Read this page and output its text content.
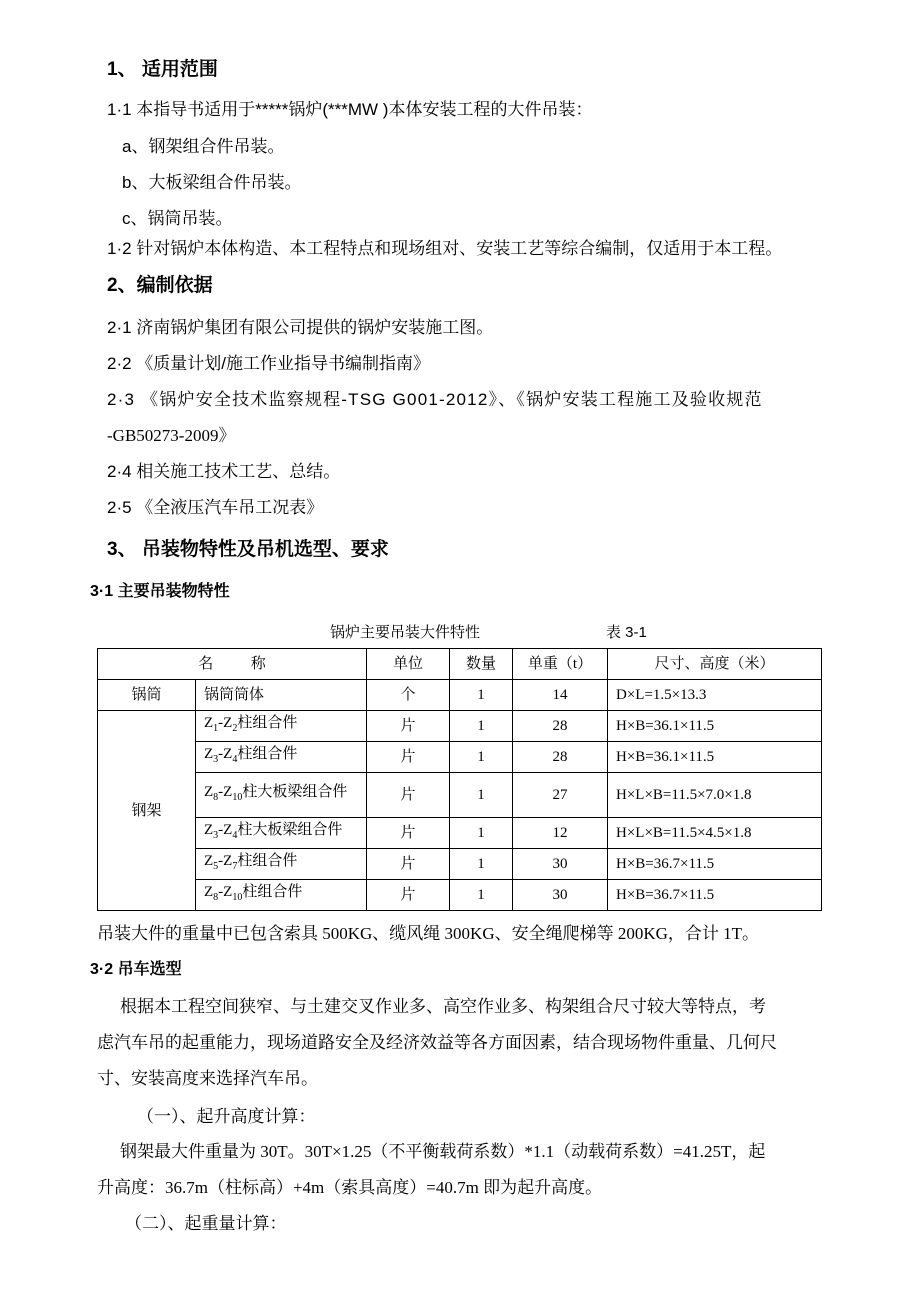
1、 适用范围
1·1 本指导书适用于*****锅炉(***MW )本体安装工程的大件吊装：
a、钢架组合件吊装。
b、大板梁组合件吊装。
c、锅筒吊装。
1·2 针对锅炉本体构造、本工程特点和现场组对、安装工艺等综合编制，仅适用于本工程。
2、编制依据
2·1 济南锅炉集团有限公司提供的锅炉安装施工图。
2·2 《质量计划/施工作业指导书编制指南》
2·3 《锅炉安全技术监察规程-TSG G001-2012》、《锅炉安装工程施工及验收规范
-GB50273-2009》
2·4 相关施工技术工艺、总结。
2·5 《全液压汽车吊工况表》
3、 吊装物特性及吊机选型、要求
3·1 主要吊装物特性
锅炉主要吊装大件特性	表 3-1
名          称		单位	数量	单重（t）	尺寸、高度（米）
锅筒	锅筒筒体	个	1	14	D×L=1.5×13.3
钢架	$Z_1-Z_2$柱组合件	片	1	28	H×B=36.1×11.5
	$Z_3-Z_4$柱组合件	片	1	28	H×B=36.1×11.5
	$Z_8-Z_{10}$柱大板梁组合件	片	1	27	H×L×B=11.5×7.0×1.8
	$Z_3-Z_4$柱大板梁组合件	片	1	12	H×L×B=11.5×4.5×1.8
	$Z_5-Z_7$柱组合件	片	1	30	H×B=36.7×11.5
	$Z_8-Z_{10}$柱组合件	片	1	30	H×B=36.7×11.5
吊装大件的重量中已包含索具 500KG、缆风绳 300KG、安全绳爬梯等 200KG，合计 1T。
3·2 吊车选型
根据本工程空间狭窄、与土建交叉作业多、高空作业多、构架组合尺寸较大等特点，考
虑汽车吊的起重能力，现场道路安全及经济效益等各方面因素，结合现场物件重量、几何尺
寸、安装高度来选择汽车吊。
（一）、起升高度计算：
钢架最大件重量为 30T。30T×1.25（不平衡载荷系数）*1.1（动载荷系数）=41.25T，起
升高度：36.7m（柱标高）+4m（索具高度）=40.7m 即为起升高度。
（二）、起重量计算：
